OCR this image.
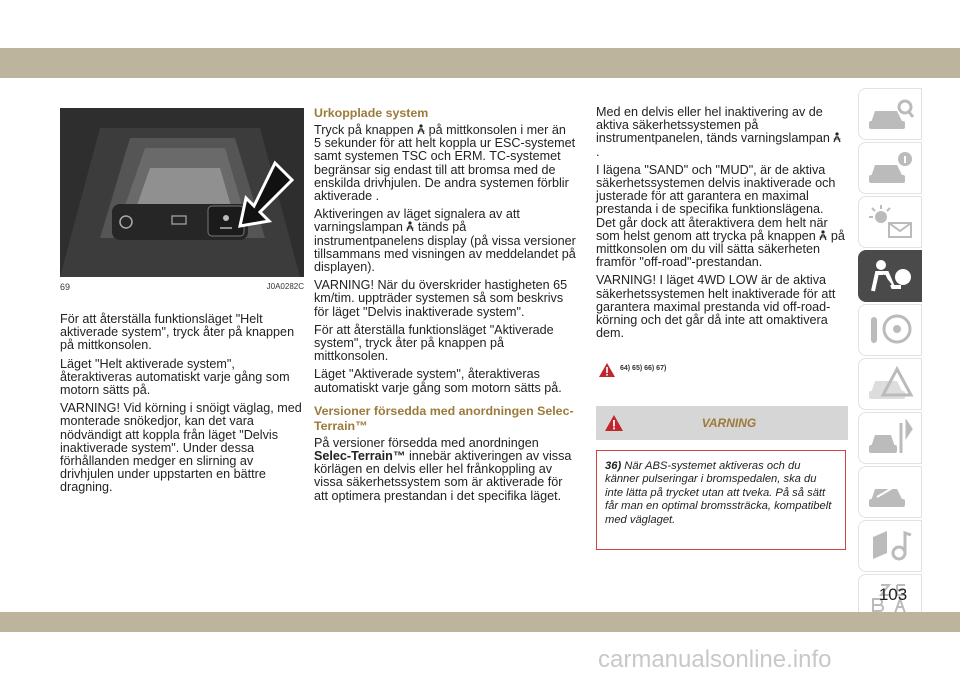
69	J0A0282C

För att återställa funktionsläget "Helt aktiverade system", tryck åter på knappen på mittkonsolen.

Läget "Helt aktiverade system", återaktiveras automatiskt varje gång som motorn sätts på.

VARNING! Vid körning i snöigt väglag, med monterade snökedjor, kan det vara nödvändigt att koppla från läget "Delvis inaktiverade system". Under dessa förhållanden medger en slirning av drivhjulen under uppstarten en bättre dragning.

Urkopplade system

Tryck på knappen på mittkonsolen i mer än 5 sekunder för att helt koppla ur ESC-systemet samt systemen TSC och ERM. TC-systemet begränsar sig endast till att bromsa med de enskilda drivhjulen. De andra systemen förblir aktiverade .

Aktiveringen av läget signalera av att varningslampan tänds på instrumentpanelens display (på vissa versioner tillsammans med visningen av meddelandet på displayen).

VARNING! När du överskrider hastigheten 65 km/tim. uppträder systemen så som beskrivs för läget "Delvis inaktiverade system".

För att återställa funktionsläget "Aktiverade system", tryck åter på knappen på mittkonsolen.

Läget "Aktiverade system", återaktiveras automatiskt varje gång som motorn sätts på.

Versioner försedda med anordningen Selec-Terrain™

På versioner försedda med anordningen Selec-Terrain™ innebär aktiveringen av vissa körlägen en delvis eller hel frånkoppling av vissa säkerhetssystem som är aktiverade för att optimera prestandan i det specifika läget.

Med en delvis eller hel inaktivering av de aktiva säkerhetssystemen på instrumentpanelen, tänds varningslampan  .

I lägena "SAND" och "MUD", är de aktiva säkerhetssystemen delvis inaktiverade och justerade för att garantera en maximal prestanda i de specifika funktionslägena. Det går dock att återaktivera dem helt när som helst genom att trycka på knappen på mittkonsolen om du vill sätta säkerheten framför "off-road"-prestandan.

VARNING! I läget 4WD LOW är de aktiva säkerhetssystemen helt inaktiverade för att garantera maximal prestanda vid off-road-körning och det går då inte att omaktivera dem.

64) 65) 66) 67)
VARNING
36) När ABS-systemet aktiveras och du känner pulseringar i bromspedalen, ska du inte lätta på trycket utan att tveka. På så sätt får man en optimal bromssträcka, kompatibelt med väglaget.
103
carmanualsonline.info
